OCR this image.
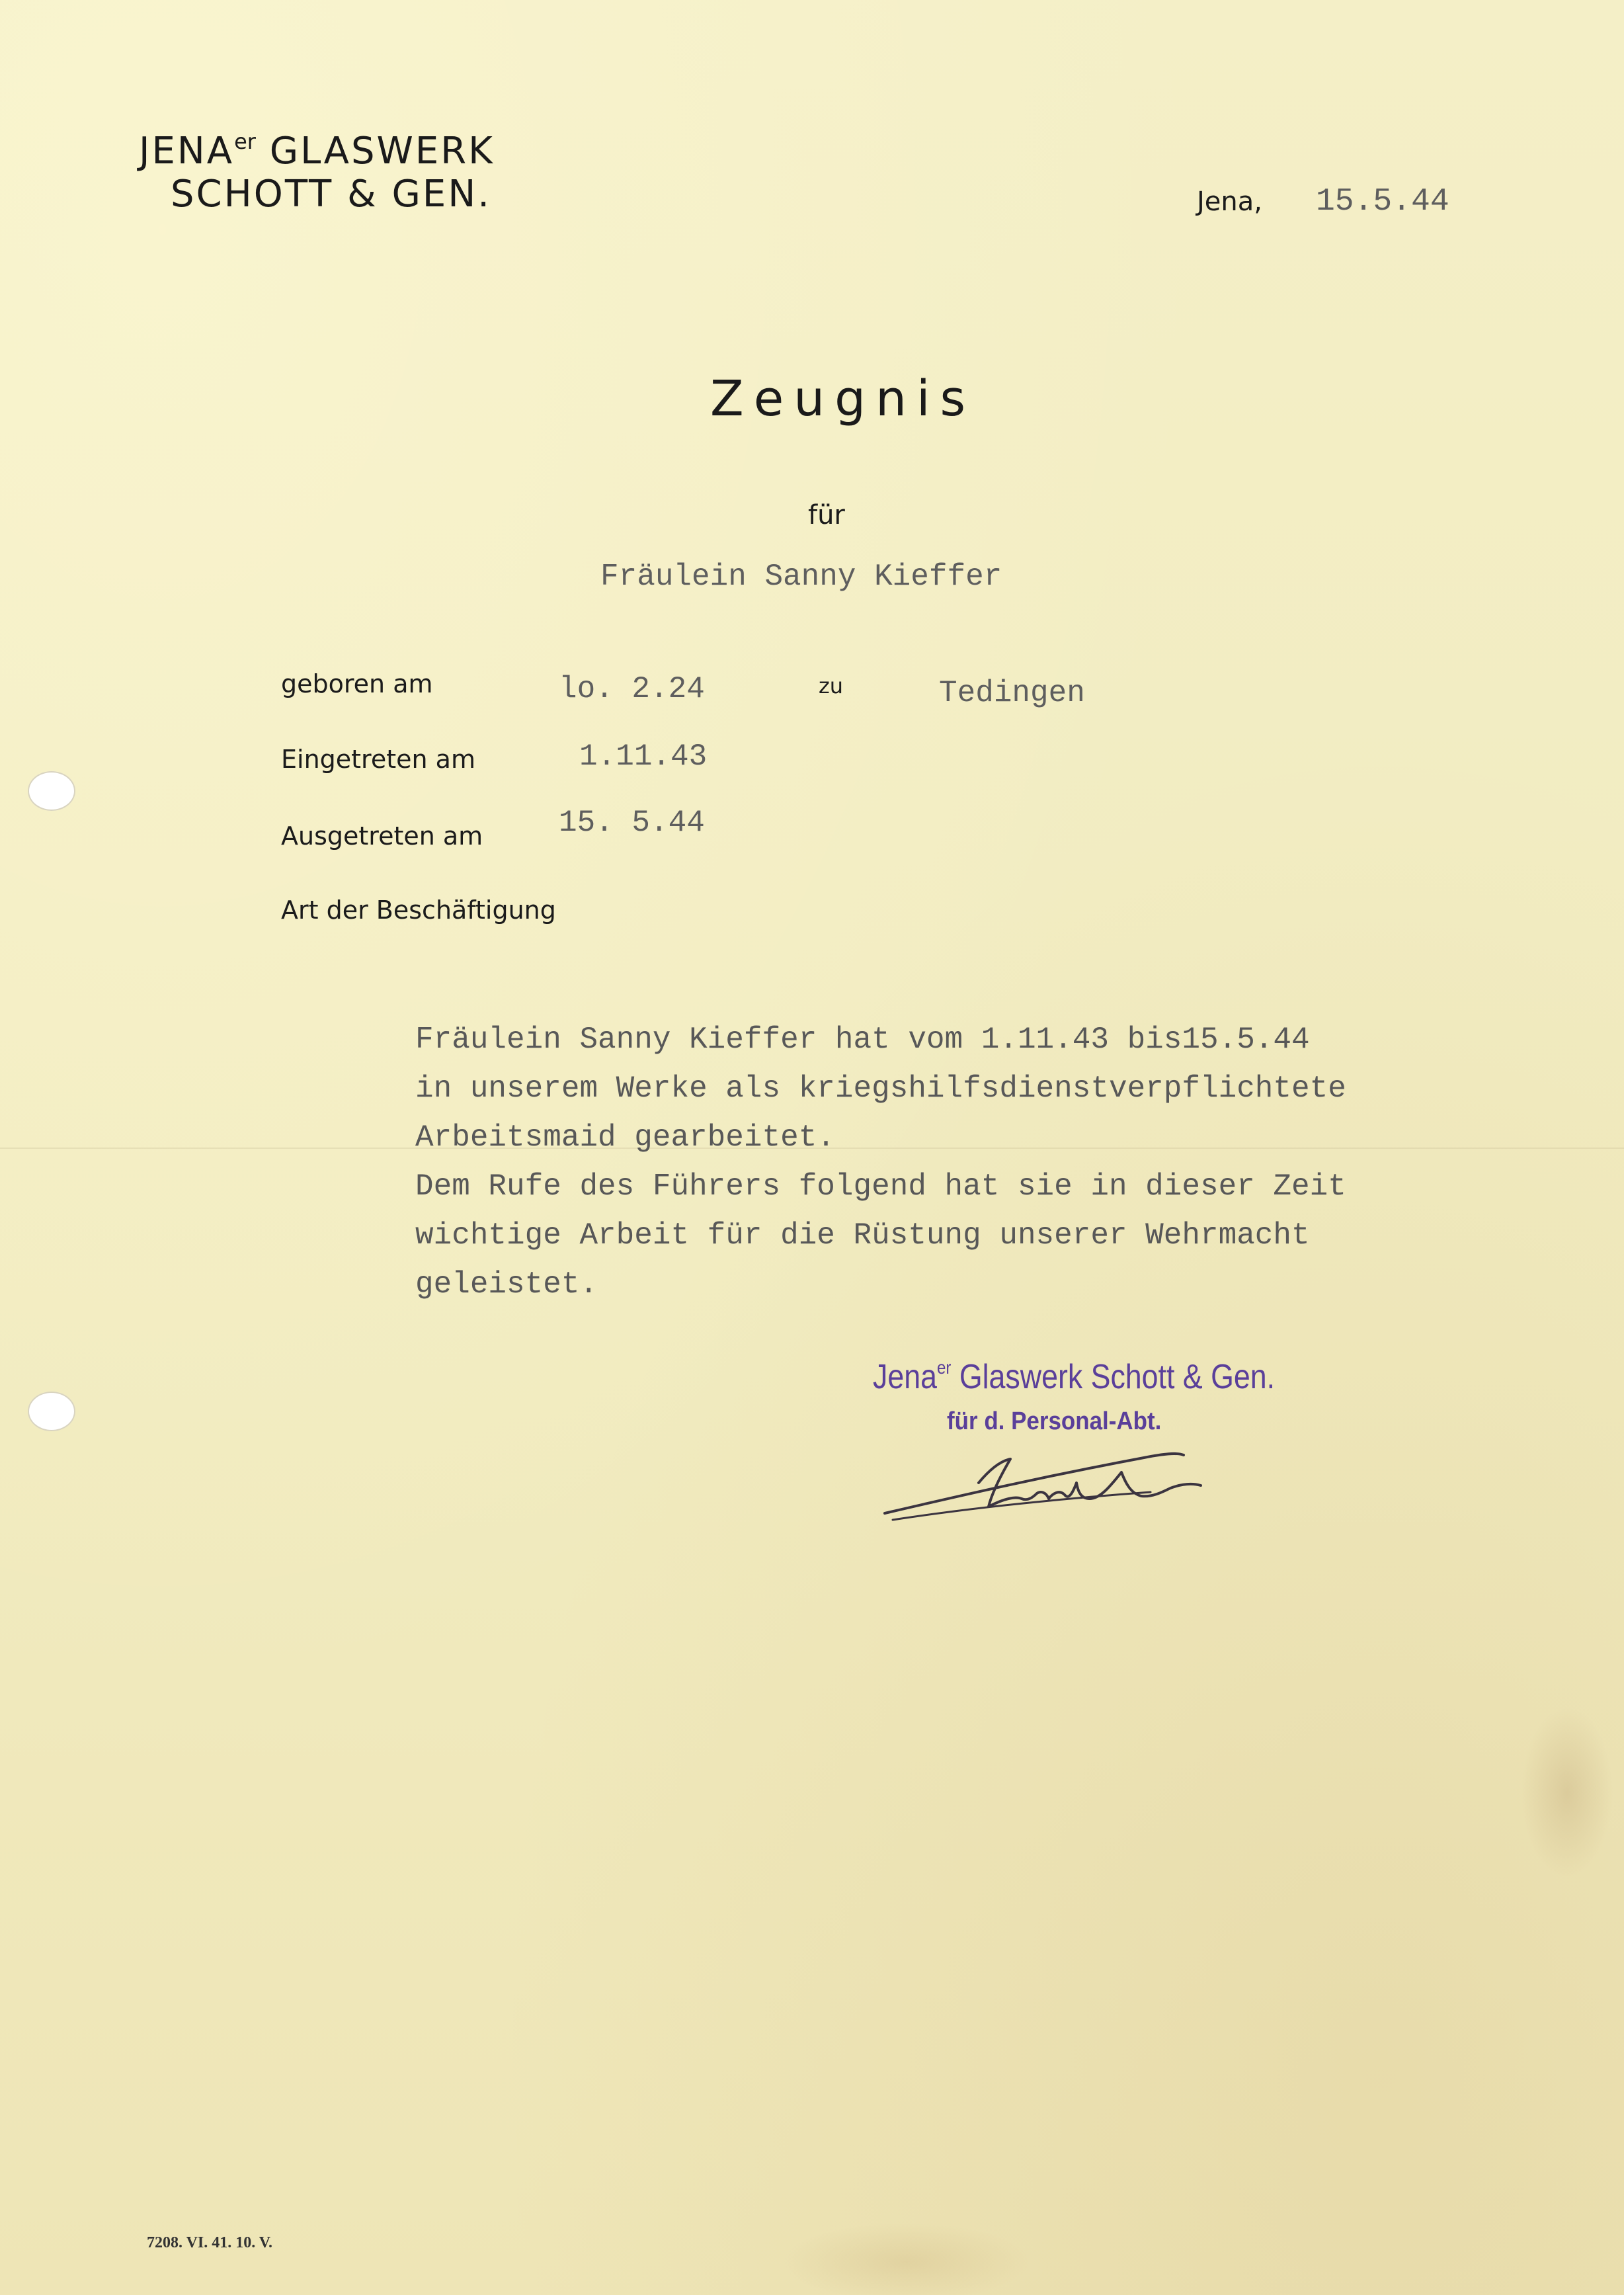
$JENA^{er}$ GLASWERK
SCHOTT & GEN.	Jena, 15.5.44
Zeugnis
für
Fräulein Sanny Kieffer
geboren am	lo. 2.24	zu	Tedingen
Eingetreten am	1.11.43
Ausgetreten am 15. 5.44
Art der Beschäftigung
Fräulein Sanny Kieffer hat vom 1.11.43 bis15.5.44
in unserem Werke als kriegshilfsdienstverpflichtete
Arbeitsmaid gearbeitet.
Dem Rufe des Führers folgend hat sie in dieser Zeit
wichtige Arbeit für die Rüstung unserer Wehrmacht
geleistet.
Jena$^{er}$ Glaswerk Schott & Gen.
für d. Personal-Abt.
7208. VI. 41. 10. V.
